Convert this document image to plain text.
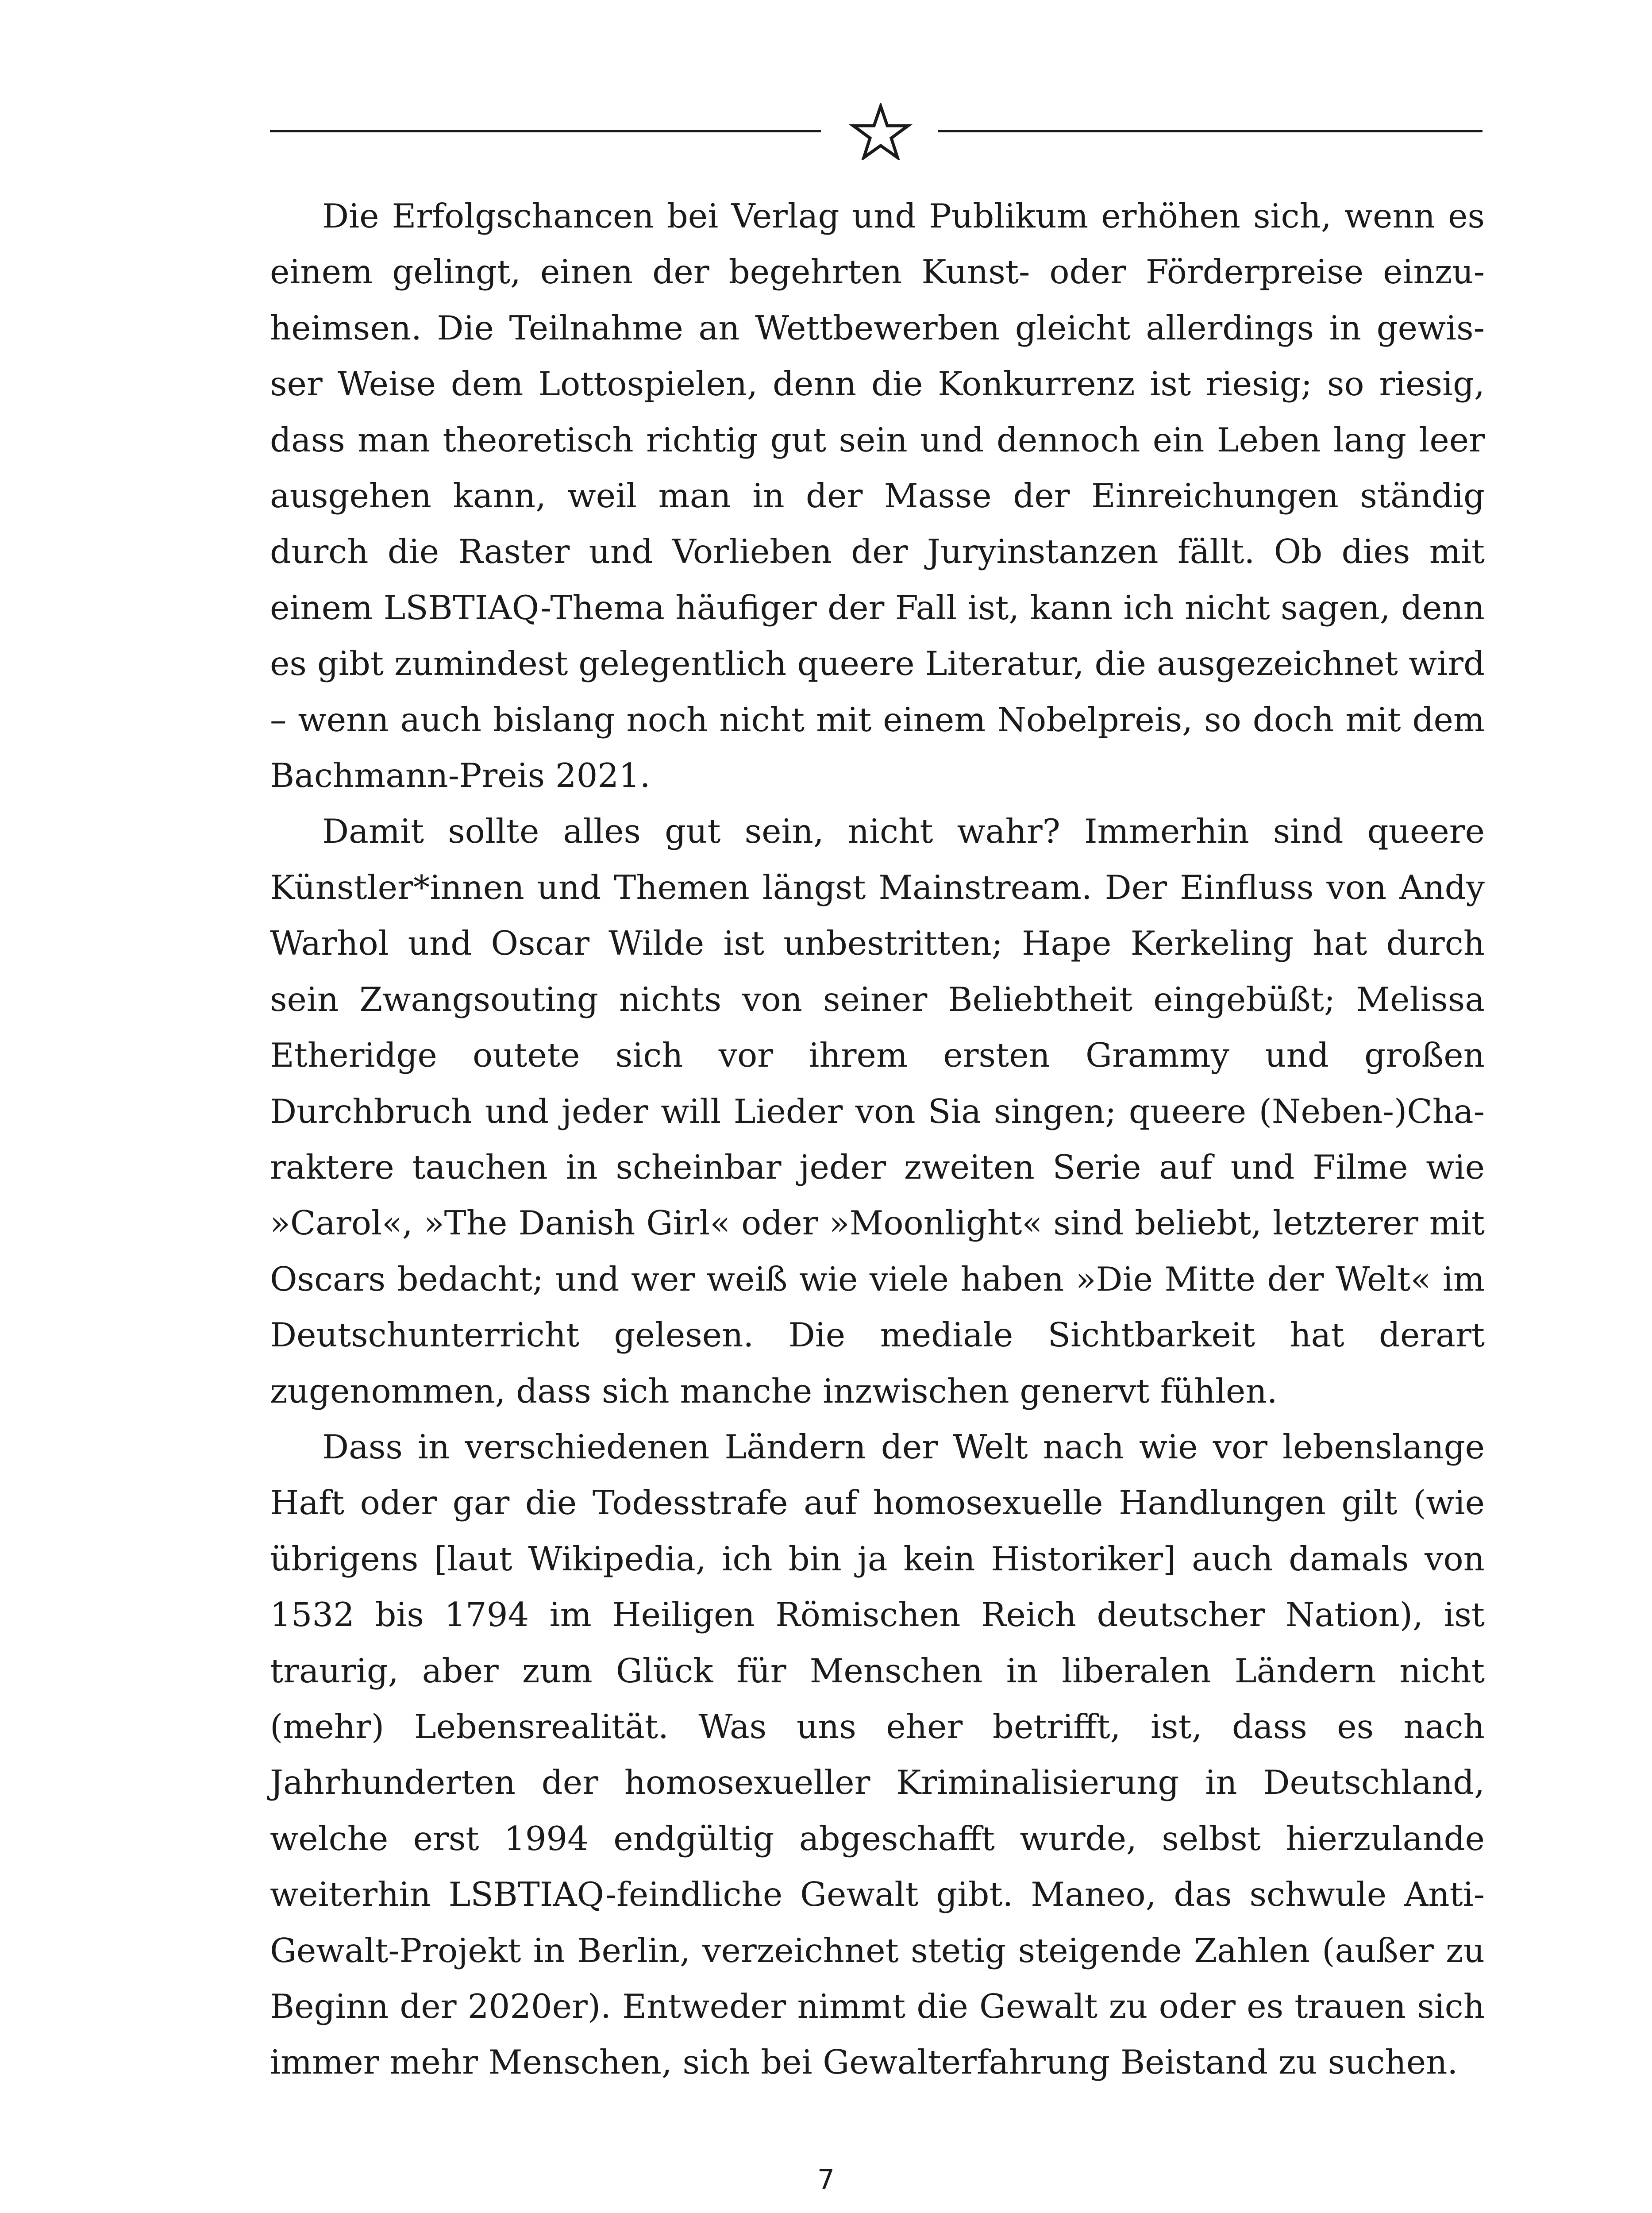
Die Erfolgschancen bei Verlag und Publikum erhöhen sich, wenn es einem gelingt, einen der begehrten Kunst- oder Förderpreise einzuheimsen. Die Teilnahme an Wettbewerben gleicht allerdings in gewisser Weise dem Lottospielen, denn die Konkurrenz ist riesig; so riesig, dass man theoretisch richtig gut sein und dennoch ein Leben lang leer ausgehen kann, weil man in der Masse der Einreichungen ständig durch die Raster und Vorlieben der Juryinstanzen fällt. Ob dies mit einem LSBTIAQ-Thema häufiger der Fall ist, kann ich nicht sagen, denn es gibt zumindest gelegentlich queere Literatur, die ausgezeichnet wird – wenn auch bislang noch nicht mit einem Nobelpreis, so doch mit dem Bachmann-Preis 2021.

Damit sollte alles gut sein, nicht wahr? Immerhin sind queere Künstler*innen und Themen längst Mainstream. Der Einfluss von Andy Warhol und Oscar Wilde ist unbestritten; Hape Kerkeling hat durch sein Zwangsouting nichts von seiner Beliebtheit eingebüßt; Melissa Etheridge outete sich vor ihrem ersten Grammy und großen Durchbruch und jeder will Lieder von Sia singen; queere (Neben-)Charaktere tauchen in scheinbar jeder zweiten Serie auf und Filme wie »Carol«, »The Danish Girl« oder »Moonlight« sind beliebt, letzterer mit Oscars bedacht; und wer weiß wie viele haben »Die Mitte der Welt« im Deutschunterricht gelesen. Die mediale Sichtbarkeit hat derart zugenommen, dass sich manche inzwischen genervt fühlen.

Dass in verschiedenen Ländern der Welt nach wie vor lebenslange Haft oder gar die Todesstrafe auf homosexuelle Handlungen gilt (wie übrigens [laut Wikipedia, ich bin ja kein Historiker] auch damals von 1532 bis 1794 im Heiligen Römischen Reich deutscher Nation), ist traurig, aber zum Glück für Menschen in liberalen Ländern nicht (mehr) Lebensrealität. Was uns eher betrifft, ist, dass es nach Jahrhunderten der homosexueller Kriminalisierung in Deutschland, welche erst 1994 endgültig abgeschafft wurde, selbst hierzulande weiterhin LSBTIAQ-feindliche Gewalt gibt. Maneo, das schwule Anti-Gewalt-Projekt in Berlin, verzeichnet stetig steigende Zahlen (außer zu Beginn der 2020er). Entweder nimmt die Gewalt zu oder es trauen sich immer mehr Menschen, sich bei Gewalterfahrung Beistand zu suchen.

7
